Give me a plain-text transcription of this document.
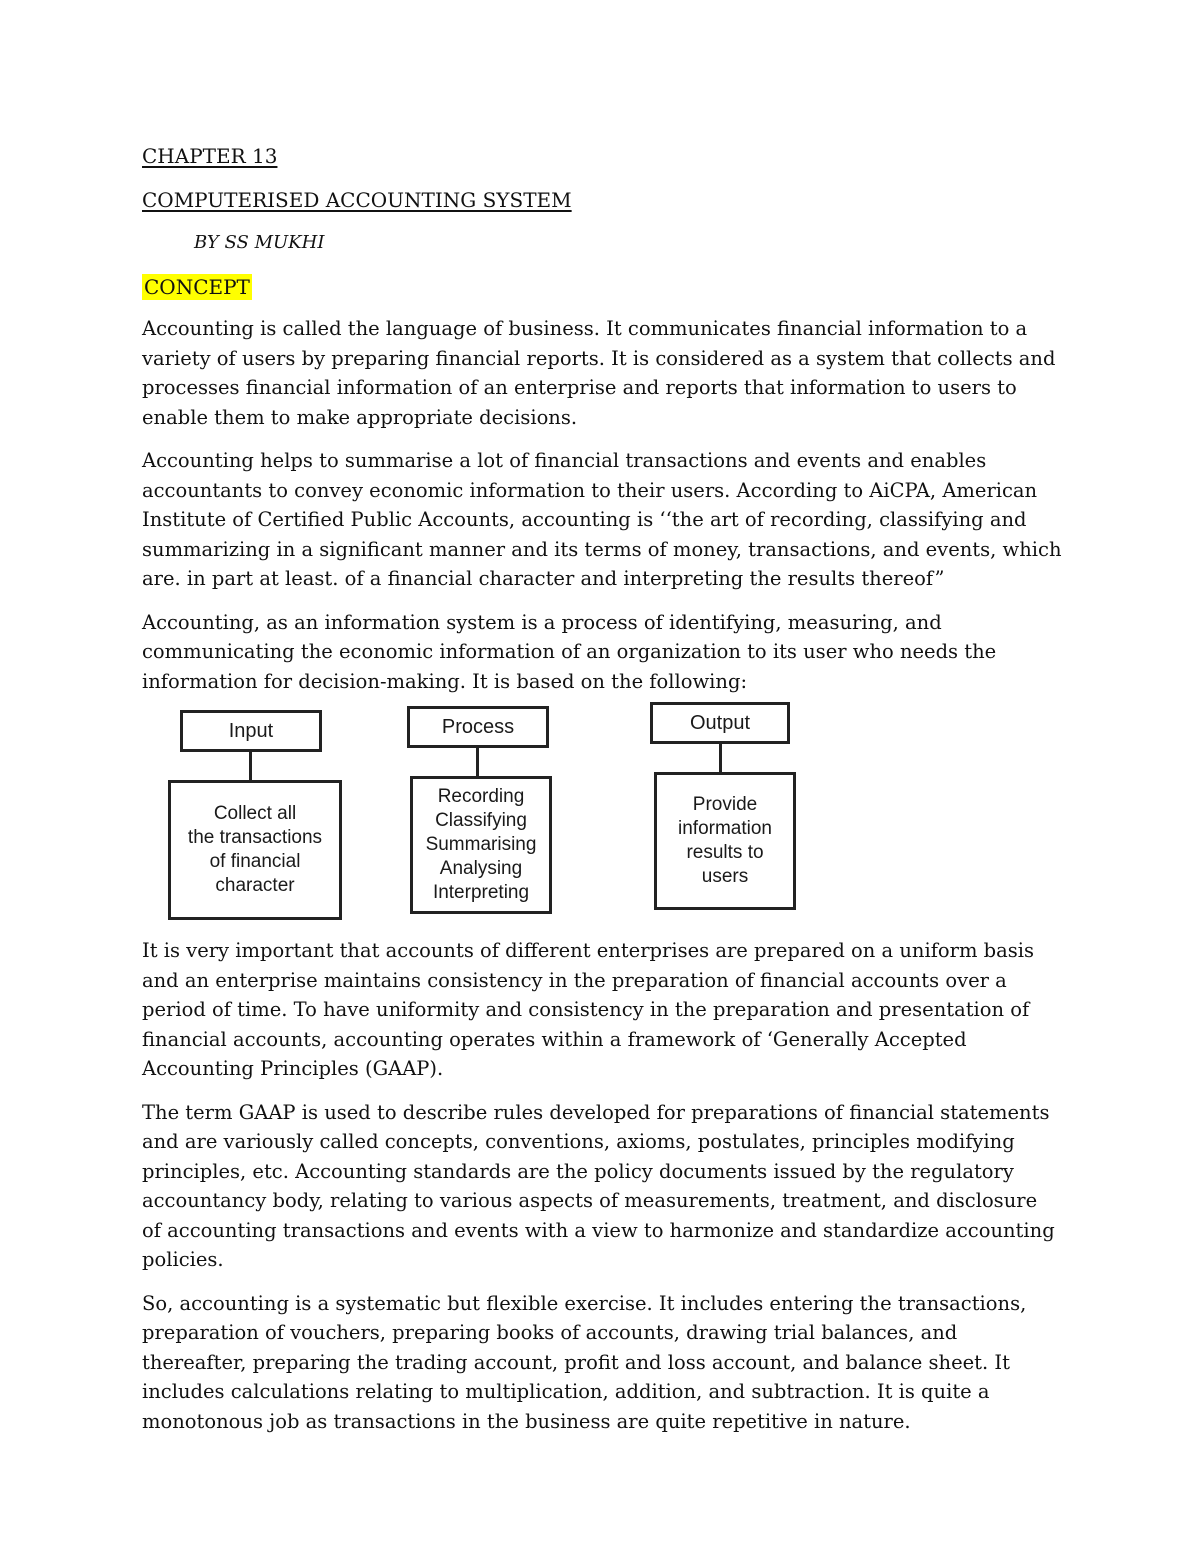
CHAPTER 13
COMPUTERISED ACCOUNTING SYSTEM
BY SS MUKHI
CONCEPT

Accounting is called the language of business. It communicates financial information to a variety of users by preparing financial reports. It is considered as a system that collects and processes financial information of an enterprise and reports that information to users to enable them to make appropriate decisions.

Accounting helps to summarise a lot of financial transactions and events and enables accountants to convey economic information to their users. According to AiCPA, American Institute of Certified Public Accounts, accounting is ‘‘the art of recording, classifying and summarizing in a significant manner and its terms of money, transactions, and events, which are. in part at least. of a financial character and interpreting the results thereof”

Accounting, as an information system is a process of identifying, measuring, and communicating the economic information of an organization to its user who needs the information for decision-making. It is based on the following:

Input
Collect all
the transactions
of financial
character
Process
Recording
Classifying
Summarising
Analysing
Interpreting
Output
Provide
information
results to
users

It is very important that accounts of different enterprises are prepared on a uniform basis and an enterprise maintains consistency in the preparation of financial accounts over a period of time. To have uniformity and consistency in the preparation and presentation of financial accounts, accounting operates within a framework of ‘Generally Accepted Accounting Principles (GAAP).

The term GAAP is used to describe rules developed for preparations of financial statements and are variously called concepts, conventions, axioms, postulates, principles modifying principles, etc. Accounting standards are the policy documents issued by the regulatory accountancy body, relating to various aspects of measurements, treatment, and disclosure of accounting transactions and events with a view to harmonize and standardize accounting policies.

So, accounting is a systematic but flexible exercise. It includes entering the transactions, preparation of vouchers, preparing books of accounts, drawing trial balances, and thereafter, preparing the trading account, profit and loss account, and balance sheet. It includes calculations relating to multiplication, addition, and subtraction. It is quite a monotonous job as transactions in the business are quite repetitive in nature.
